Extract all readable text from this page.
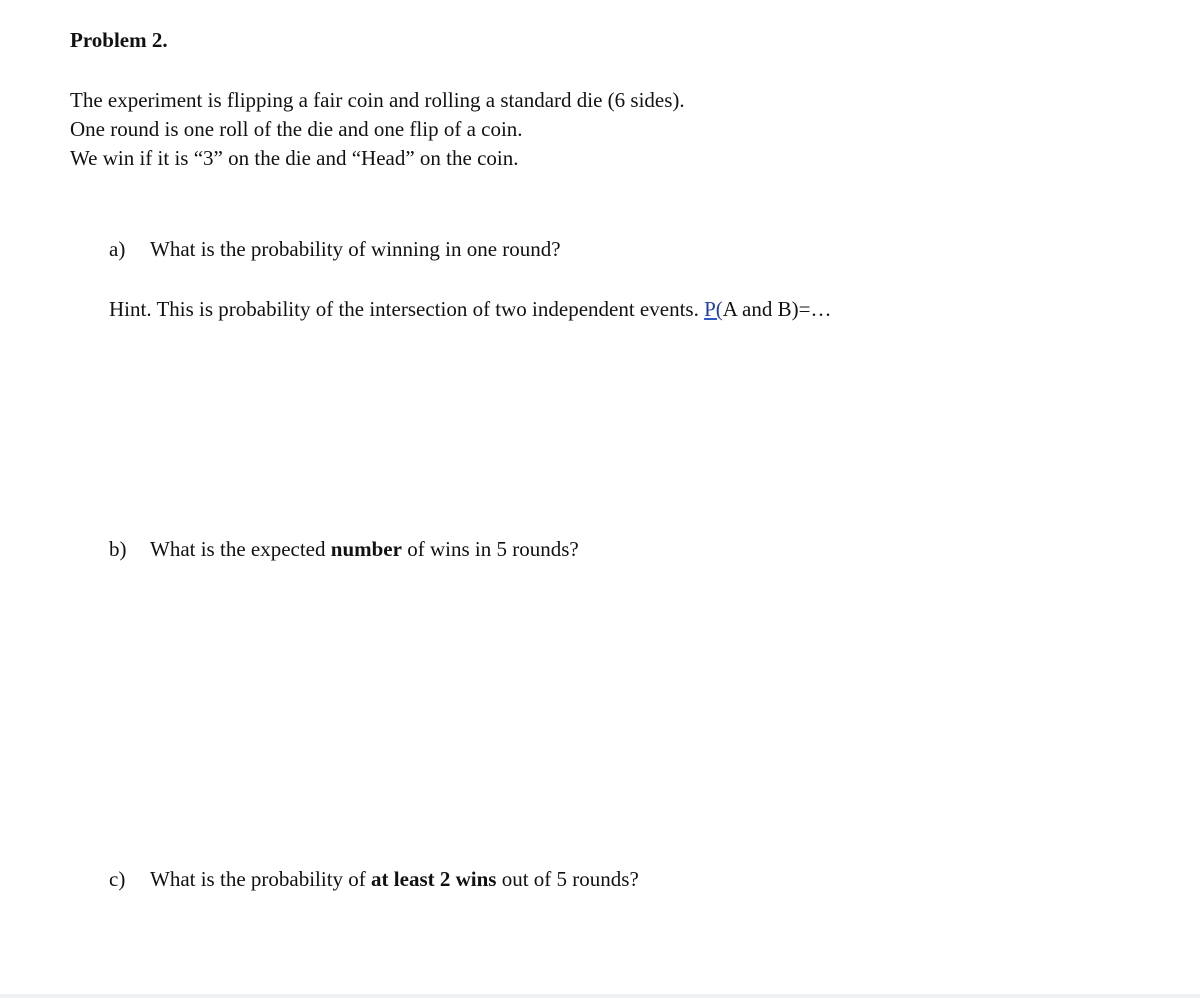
Problem 2.
The experiment is flipping a fair coin and rolling a standard die (6 sides).
One round is one roll of the die and one flip of a coin.
We win if it is “3” on the die and “Head” on the coin.
a) What is the probability of winning in one round?
Hint. This is probability of the intersection of two independent events. P(A and B)=…
b) What is the expected number of wins in 5 rounds?
c) What is the probability of at least 2 wins out of 5 rounds?
